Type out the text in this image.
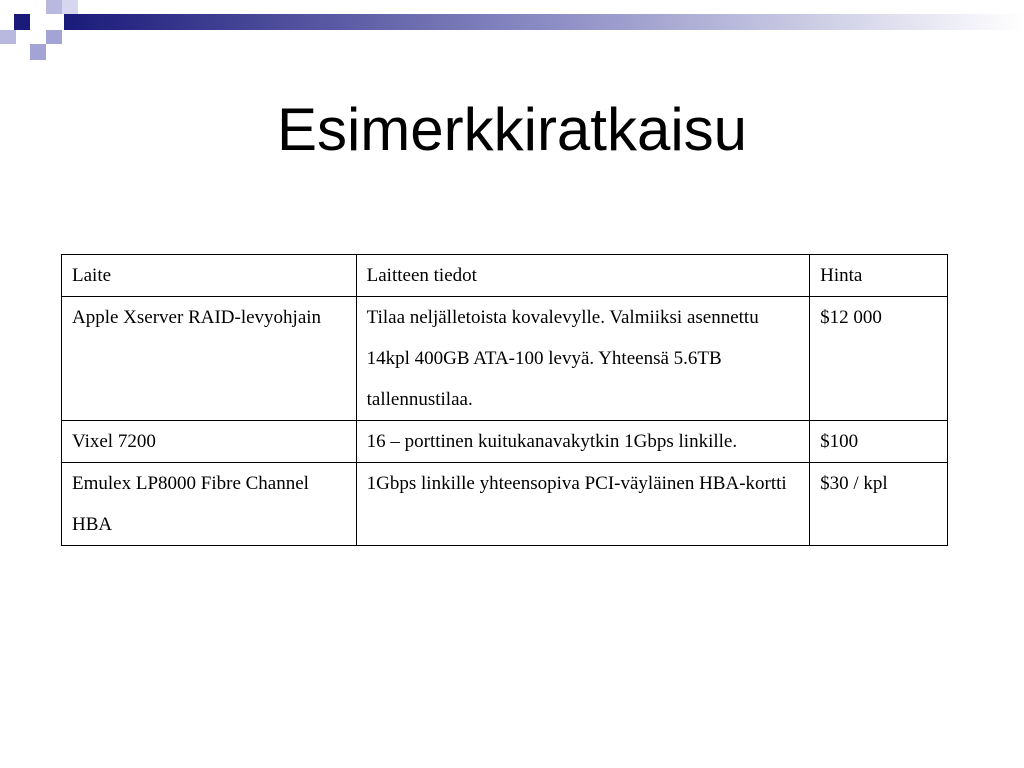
Esimerkkiratkaisu
Laite	Laitteen tiedot	Hinta
Apple Xserver RAID-levyohjain	Tilaa neljälletoista kovalevylle. Valmiiksi asennettu 14kpl 400GB ATA-100 levyä. Yhteensä 5.6TB tallennustilaa.	$12 000
Vixel 7200	16 – porttinen kuitukanavakytkin 1Gbps linkille.	$100
Emulex LP8000 Fibre Channel HBA	1Gbps linkille yhteensopiva PCI-väyläinen HBA-kortti	$30 / kpl
